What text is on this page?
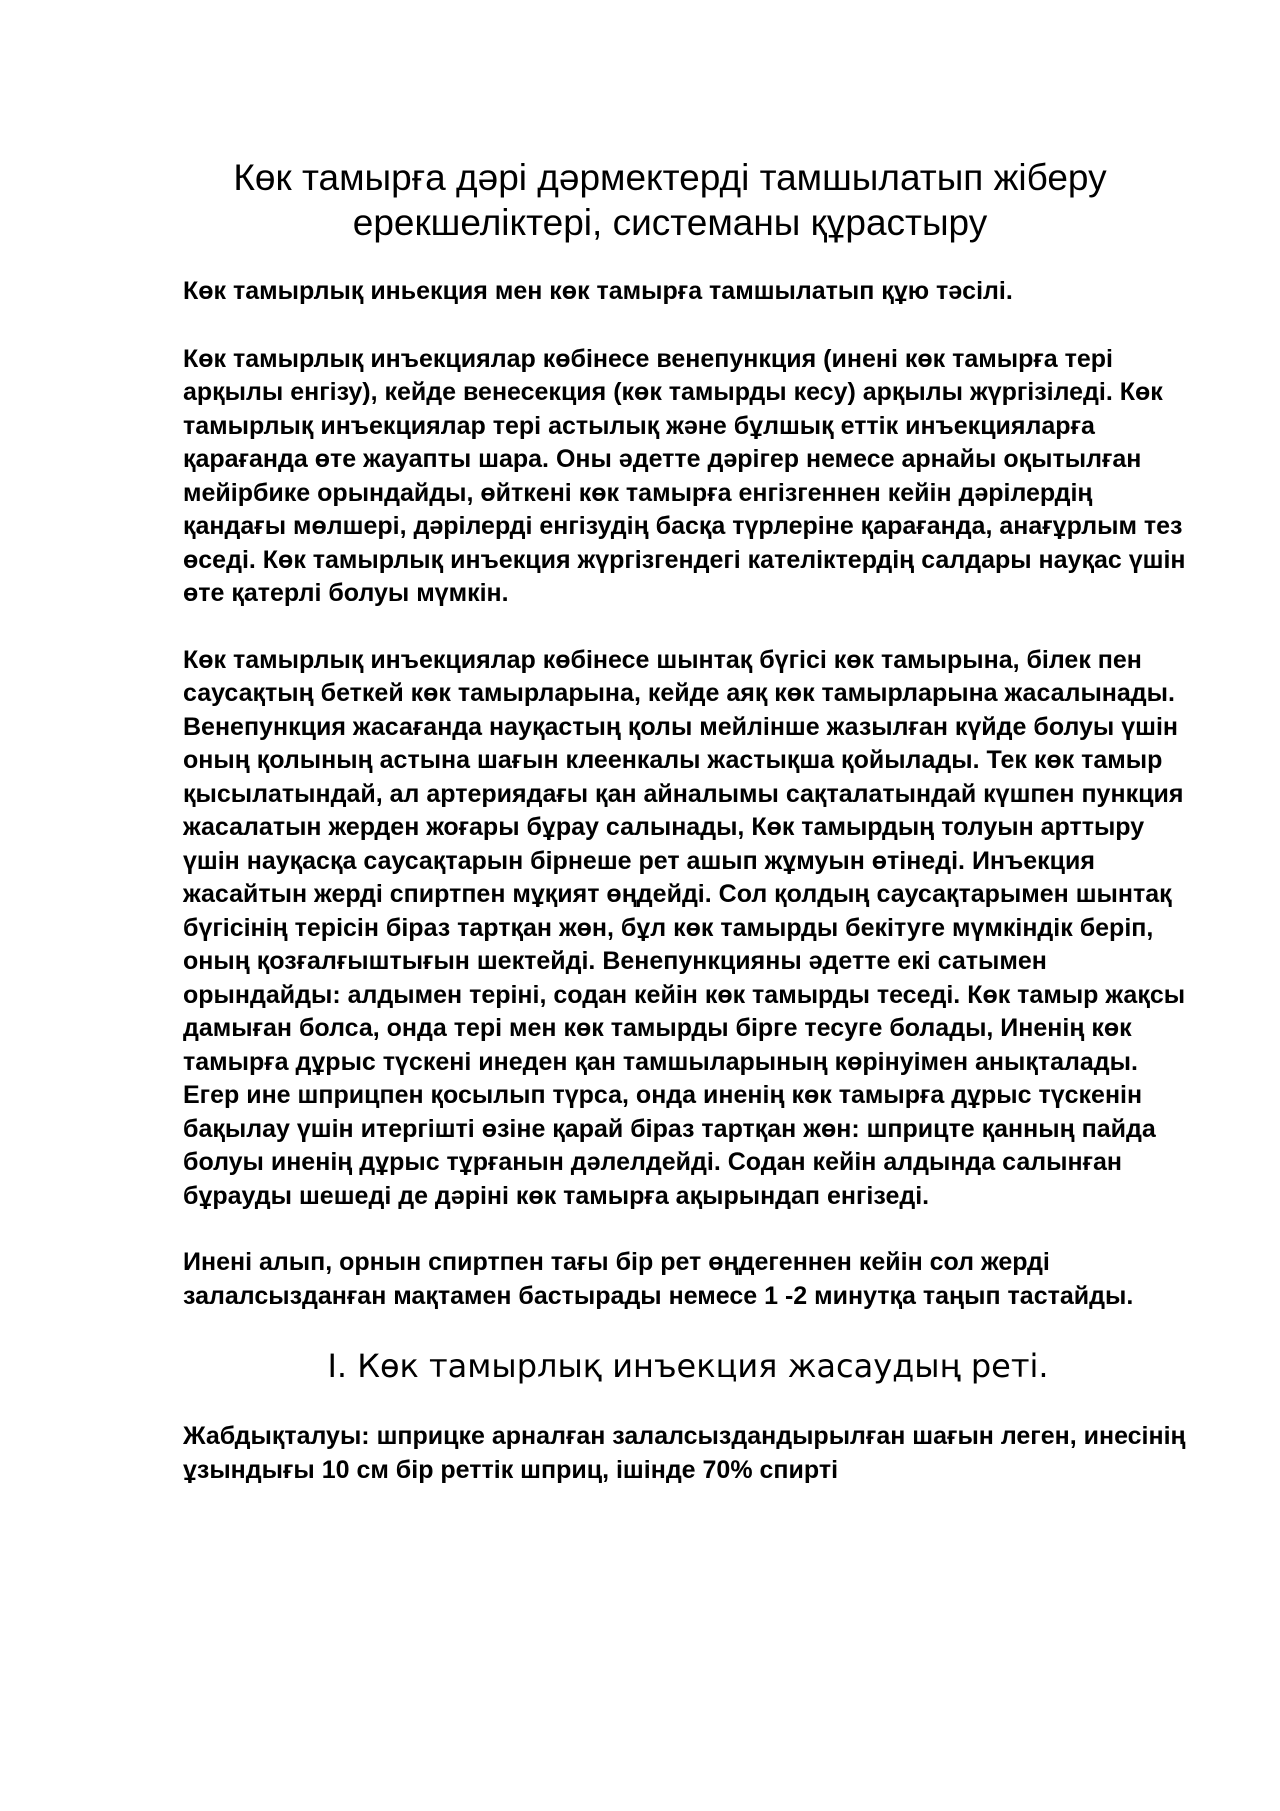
Көк тамырға дәрі дәрмектерді тамшылатып жіберу ерекшеліктері, системаны құрастыру

Көк тамырлық иньекция мен көк тамырға тамшылатып құю тәсілі.

Көк тамырлық инъекциялар көбінесе венепункция (инені көк тамырға тері арқылы енгізу), кейде венесекция (көк тамырды кесу) арқылы жүргізіледі. Көк тамырлық инъекциялар тері астылық және бұлшық еттік инъекцияларға қарағанда өте жауапты шара. Оны әдетте дәрігер немесе арнайы оқытылған мейірбике орындайды, өйткені көк тамырға енгізгеннен кейін дәрілердің қандағы мөлшері, дәрілерді енгізудің басқа түрлеріне қарағанда, анағұрлым тез өседі. Көк тамырлық инъекция жүргізгендегі кателіктердің салдары науқас үшін өте қатерлі болуы мүмкін.

Көк тамырлық инъекциялар көбінесе шынтақ бүгісі көк тамырына, білек пен саусақтың беткей көк тамырларына, кейде аяқ көк тамырларына жасалынады. Венепункция жасағанда науқастың қолы мейлінше жазылған күйде болуы үшін оның қолының астына шағын клеенкалы жастықша қойылады. Тек көк тамыр қысылатындай, ал артериядағы қан айналымы сақталатындай күшпен пункция жасалатын жерден жоғары бұрау салынады, Көк тамырдың толуын арттыру үшін науқасқа саусақтарын бірнеше рет ашып жұмуын өтінеді. Инъекция жасайтын жерді спиртпен мұқият өңдейді. Сол қолдың саусақтарымен шынтақ бүгісінің терісін біраз тартқан жөн, бұл көк тамырды бекітуге мүмкіндік беріп, оның қозғалғыштығын шектейді. Венепункцияны әдетте екі сатымен орындайды: алдымен теріні, содан кейін көк тамырды теседі. Көк тамыр жақсы дамыған болса, онда тері мен көк тамырды бірге тесуге болады, Иненің көк тамырға дұрыс түскені инеден қан тамшыларының көрінуімен анықталады. Егер ине шприцпен қосылып түрса, онда иненің көк тамырға дұрыс түскенін бақылау үшін итергішті өзіне қарай біраз тартқан жөн: шприцте қанның пайда болуы иненің дұрыс тұрғанын дәлелдейді. Содан кейін алдында салынған бұрауды шешеді де дәріні көк тамырға ақырындап енгізеді.

Инені алып, орнын спиртпен тағы бір рет өңдегеннен кейін сол жерді залалсызданған мақтамен бастырады немесе 1 -2 минутқа таңып тастайды.

I. Көк тамырлық инъекция жасаудың реті.

Жабдықталуы: шприцке арналған залалсыздандырылған шағын леген, инесінің ұзындығы 10 см бір реттік шприц, ішінде 70% спирті
